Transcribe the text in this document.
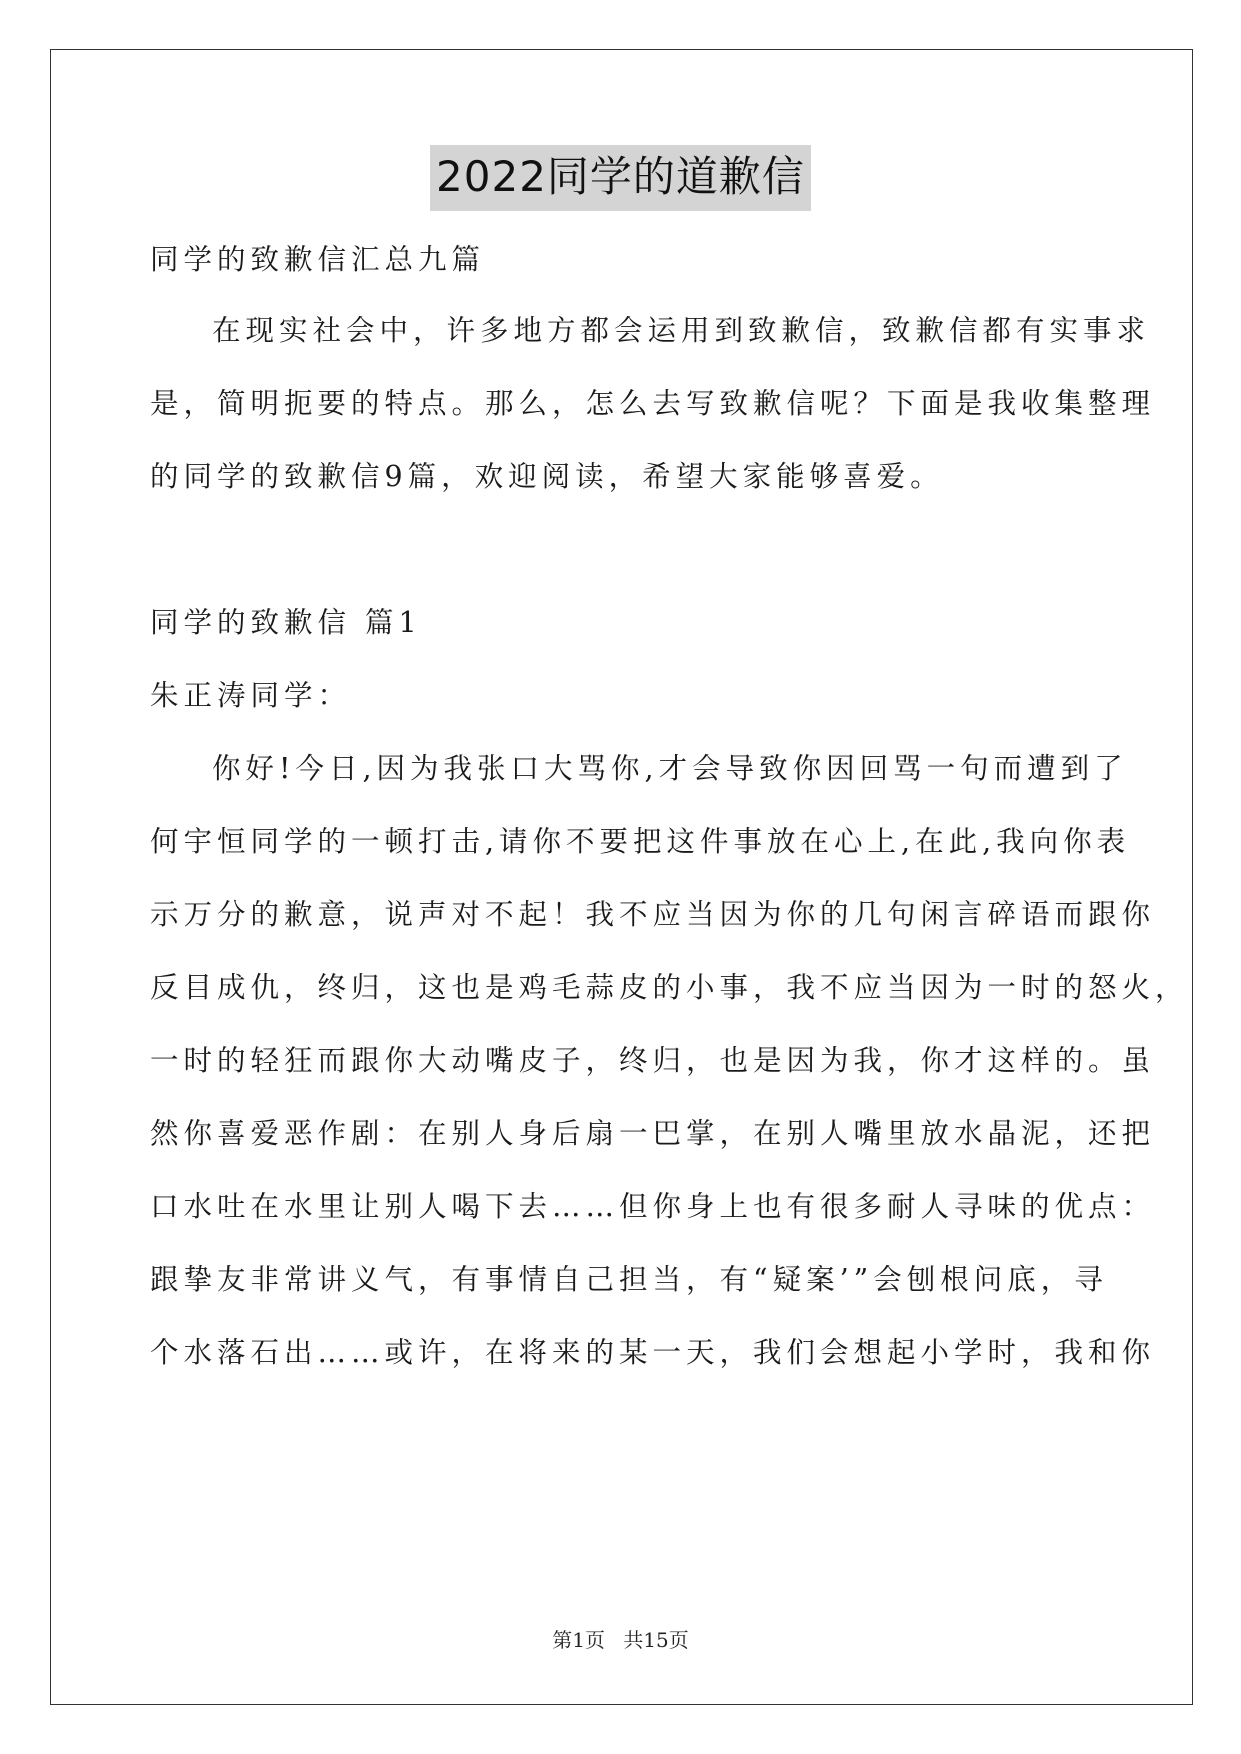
2022同学的道歉信

同学的致歉信汇总九篇

在现实社会中，许多地方都会运用到致歉信，致歉信都有实事求

是，简明扼要的特点。那么，怎么去写致歉信呢？下面是我收集整理

的同学的致歉信9篇，欢迎阅读，希望大家能够喜爱。

同学的致歉信 篇1

朱正涛同学：

你好!今日,因为我张口大骂你,才会导致你因回骂一句而遭到了

何宇恒同学的一顿打击,请你不要把这件事放在心上,在此,我向你表

示万分的歉意，说声对不起！我不应当因为你的几句闲言碎语而跟你

反目成仇，终归，这也是鸡毛蒜皮的小事，我不应当因为一时的怒火，

一时的轻狂而跟你大动嘴皮子，终归，也是因为我，你才这样的。虽

然你喜爱恶作剧：在别人身后扇一巴掌，在别人嘴里放水晶泥，还把

口水吐在水里让别人喝下去……但你身上也有很多耐人寻味的优点：

跟挚友非常讲义气，有事情自己担当，有“疑案’”会刨根问底，寻

个水落石出……或许，在将来的某一天，我们会想起小学时，我和你

第1页 共15页
